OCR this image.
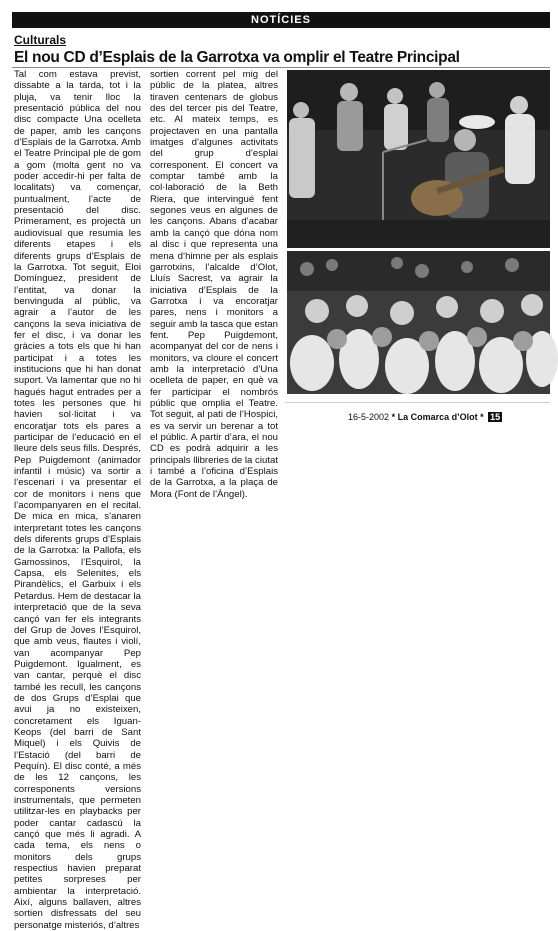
NOTÍCIES
Culturals
El nou CD d’Esplais de la Garrotxa va omplir el Teatre Principal

Tal com estava previst, dissabte a la tarda, tot i la pluja, va tenir lloc la presentació pública del nou disc compacte Una ocelleta de paper, amb les cançons d’Esplais de la Garrotxa. Amb el Teatre Principal ple de gom a gom (molta gent no va poder accedir-hi per falta de localitats) va començar, puntualment, l’acte de presentació del disc. Primerament, es projectà un audiovisual que resumia les diferents etapes i els diferents grups d’Esplais de la Garrotxa. Tot seguit, Eloi Domínguez, president de l’entitat, va donar la benvinguda al públic, va agrair a l’autor de les cançons la seva iniciativa de fer el disc, i va donar les gràcies a tots els que hi han participat i a totes les institucions que hi han donat suport. Va lamentar que no hi hagués hagut entrades per a totes les persones que hi havien sol·licitat i va encoratjar tots els pares a participar de l’educació en el lleure dels seus fills. Després, Pep Puigdemont (animador infantil i músic) va sortir a l’escenari i va presentar el cor de monitors i nens que l’acompanyaren en el recital. De mica en mica, s’anaren interpretant totes les cançons dels diferents grups d’Esplais de la Garrotxa: la Pallofa, els Gamossinos, l’Esquirol, la Capsa, els Selenites, els Pirandèlics, el Garbuix i els Petardus. Hem de destacar la interpretació que de la seva cançó van fer els integrants del Grup de Joves l’Esquirol, que amb veus, flautes i violí, van acompanyar Pep Puigdemont. Igualment, es van cantar, perquè el disc també les recull, les cançons de dos Grups d’Esplai que avui ja no existeixen, concretament els Iguan-Keops (del barri de Sant Miquel) i els Quivis de l’Estació (del barri de Pequín). El disc conté, a més de les 12 cançons, les corresponents versions instrumentals, que permeten utilitzar-les en playbacks per poder cantar cadascú la cançó que més li agradi. A cada tema, els nens o monitors dels grups respectius havien preparat petites sorpreses per ambientar la interpretació. Així, alguns ballaven, altres sortien disfressats del seu personatge misteriós, d’altres

sortien corrent pel mig del públic de la platea, altres tiraven centenars de globus des del tercer pis del Teatre, etc. Al mateix temps, es projectaven en una pantalla imatges d’algunes activitats del grup d’esplai corresponent. El concert va comptar també amb la col·laboració de la Beth Riera, que intervingué fent segones veus en algunes de les cançons. Abans d’acabar amb la cançó que dóna nom al disc i que representa una mena d’himne per als esplais garrotxins, l’alcalde d’Olot, Lluís Sacrest, va agrair la iniciativa d’Esplais de la Garrotxa i va encoratjar pares, nens i monitors a seguir amb la tasca que estan fent. Pep Puigdemont, acompanyat del cor de nens i monitors, va cloure el concert amb la interpretació d’Una ocelleta de paper, en què va fer participar el nombrós públic que omplia el Teatre. Tot seguit, al pati de l’Hospici, es va servir un berenar a tot el públic. A partir d’ara, el nou CD es podrà adquirir a les principals llibreries de la ciutat i també a l’oficina d’Esplais de la Garrotxa, a la plaça de Mora (Font de l’Àngel).

16-5-2002 * La Comarca d’Olot * 15
